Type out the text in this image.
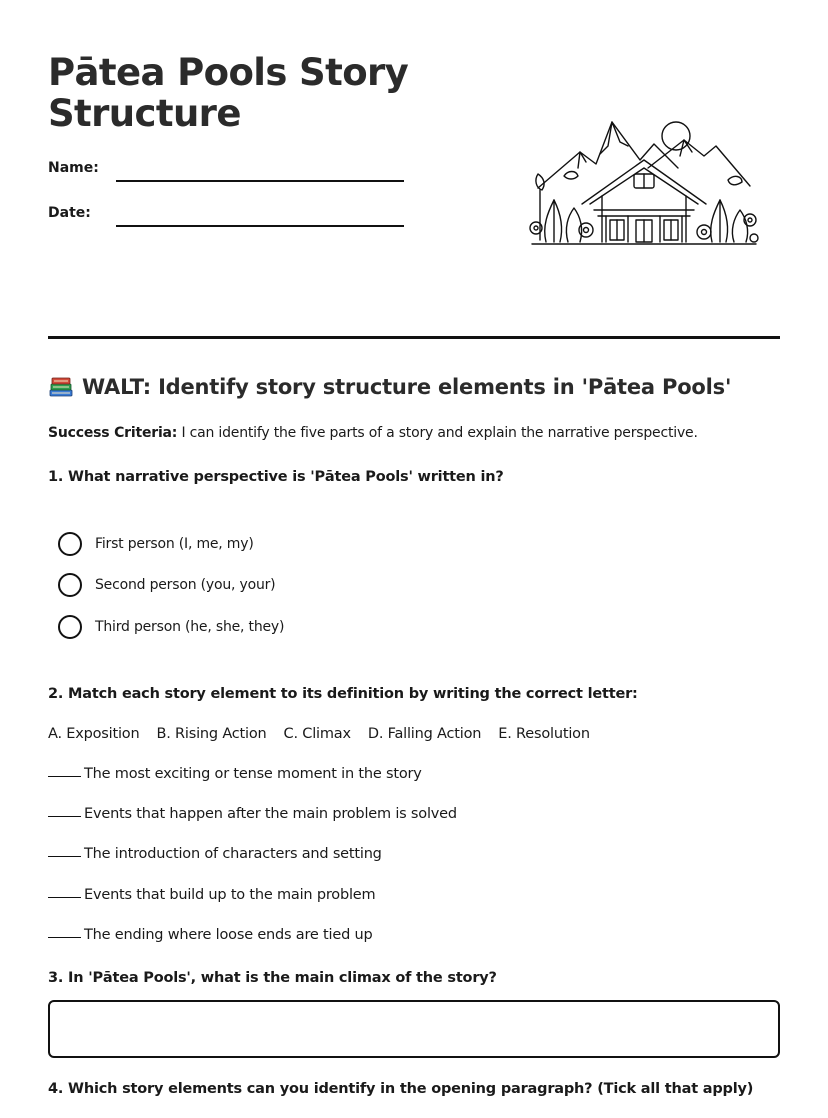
Pātea Pools Story Structure
Name:
Date:
WALT: Identify story structure elements in 'Pātea Pools'
Success Criteria: I can identify the five parts of a story and explain the narrative perspective.
1. What narrative perspective is 'Pātea Pools' written in?
First person (I, me, my)
Second person (you, your)
Third person (he, she, they)
2. Match each story element to its definition by writing the correct letter:
A. Exposition B. Rising Action C. Climax D. Falling Action E. Resolution
The most exciting or tense moment in the story
Events that happen after the main problem is solved
The introduction of characters and setting
Events that build up to the main problem
The ending where loose ends are tied up
3. In 'Pātea Pools', what is the main climax of the story?
4. Which story elements can you identify in the opening paragraph? (Tick all that apply)
